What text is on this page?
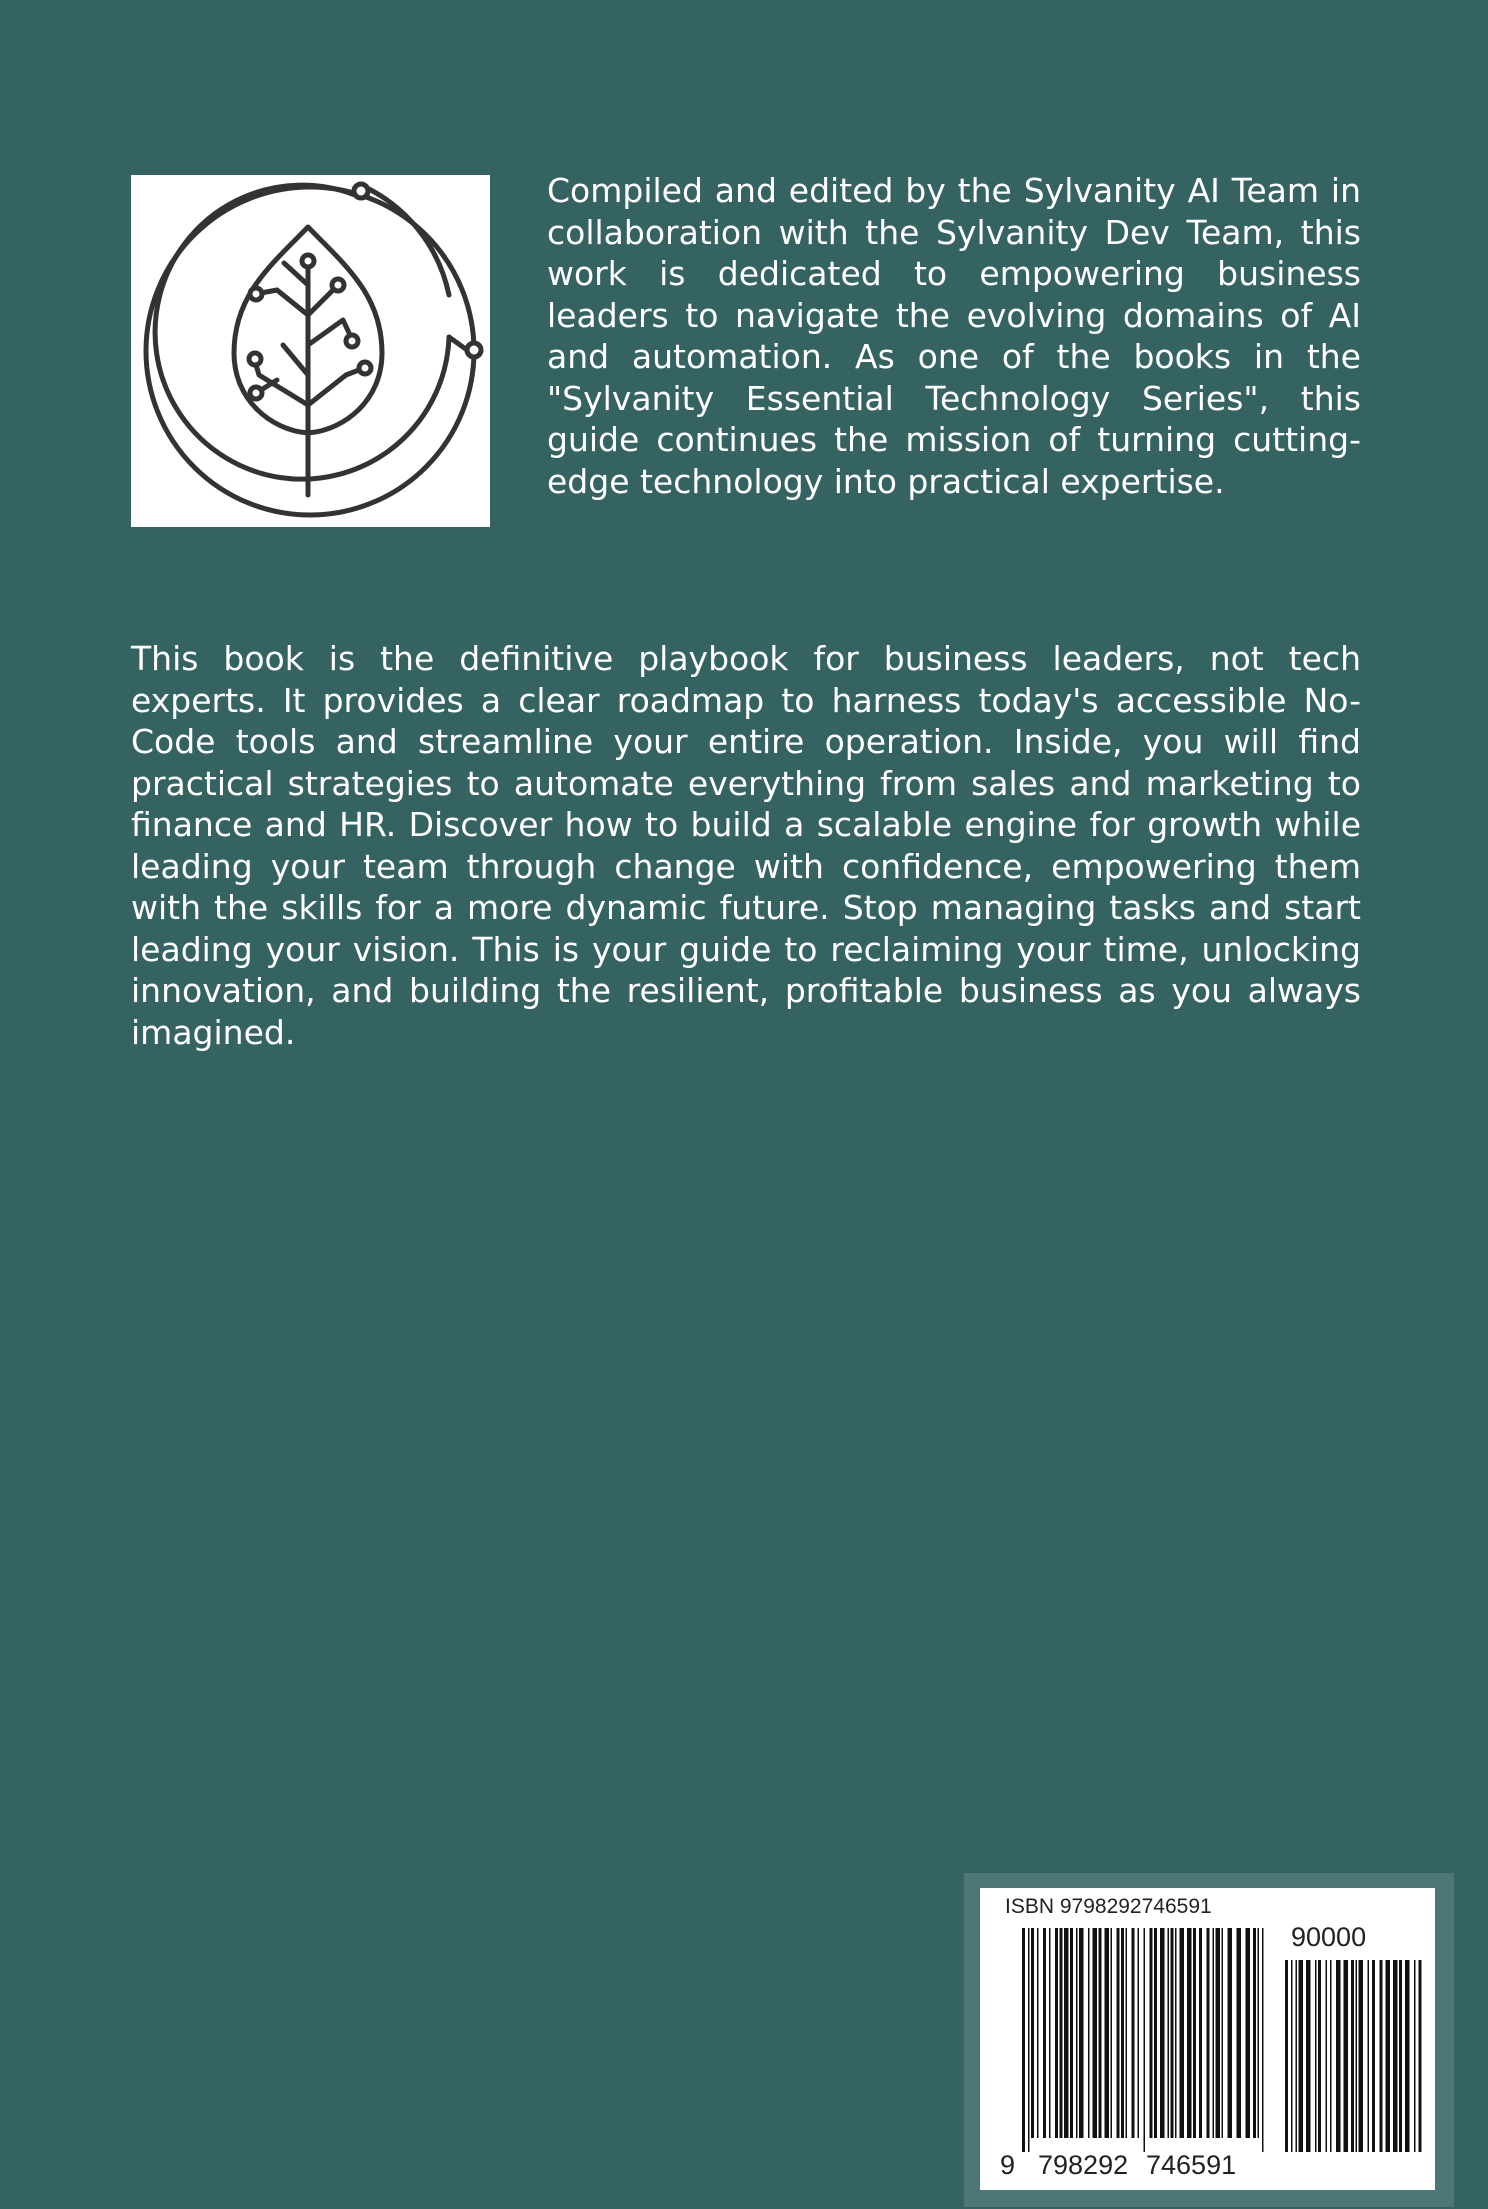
Compiled and edited by the Sylvanity AI Team in collaboration with the Sylvanity Dev Team, this work is dedicated to empowering business leaders to navigate the evolving domains of AI and automation. As one of the books in the "Sylvanity Essential Technology Series", this guide continues the mission of turning cutting-edge technology into practical expertise.

This book is the definitive playbook for business leaders, not tech experts. It provides a clear roadmap to harness today's accessible No-Code tools and streamline your entire operation. Inside, you will find practical strategies to automate everything from sales and marketing to finance and HR. Discover how to build a scalable engine for growth while leading your team through change with confidence, empowering them with the skills for a more dynamic future. Stop managing tasks and start leading your vision. This is your guide to reclaiming your time, unlocking innovation, and building the resilient, profitable business as you always imagined.

ISBN 9798292746591
90000
9 798292 746591
